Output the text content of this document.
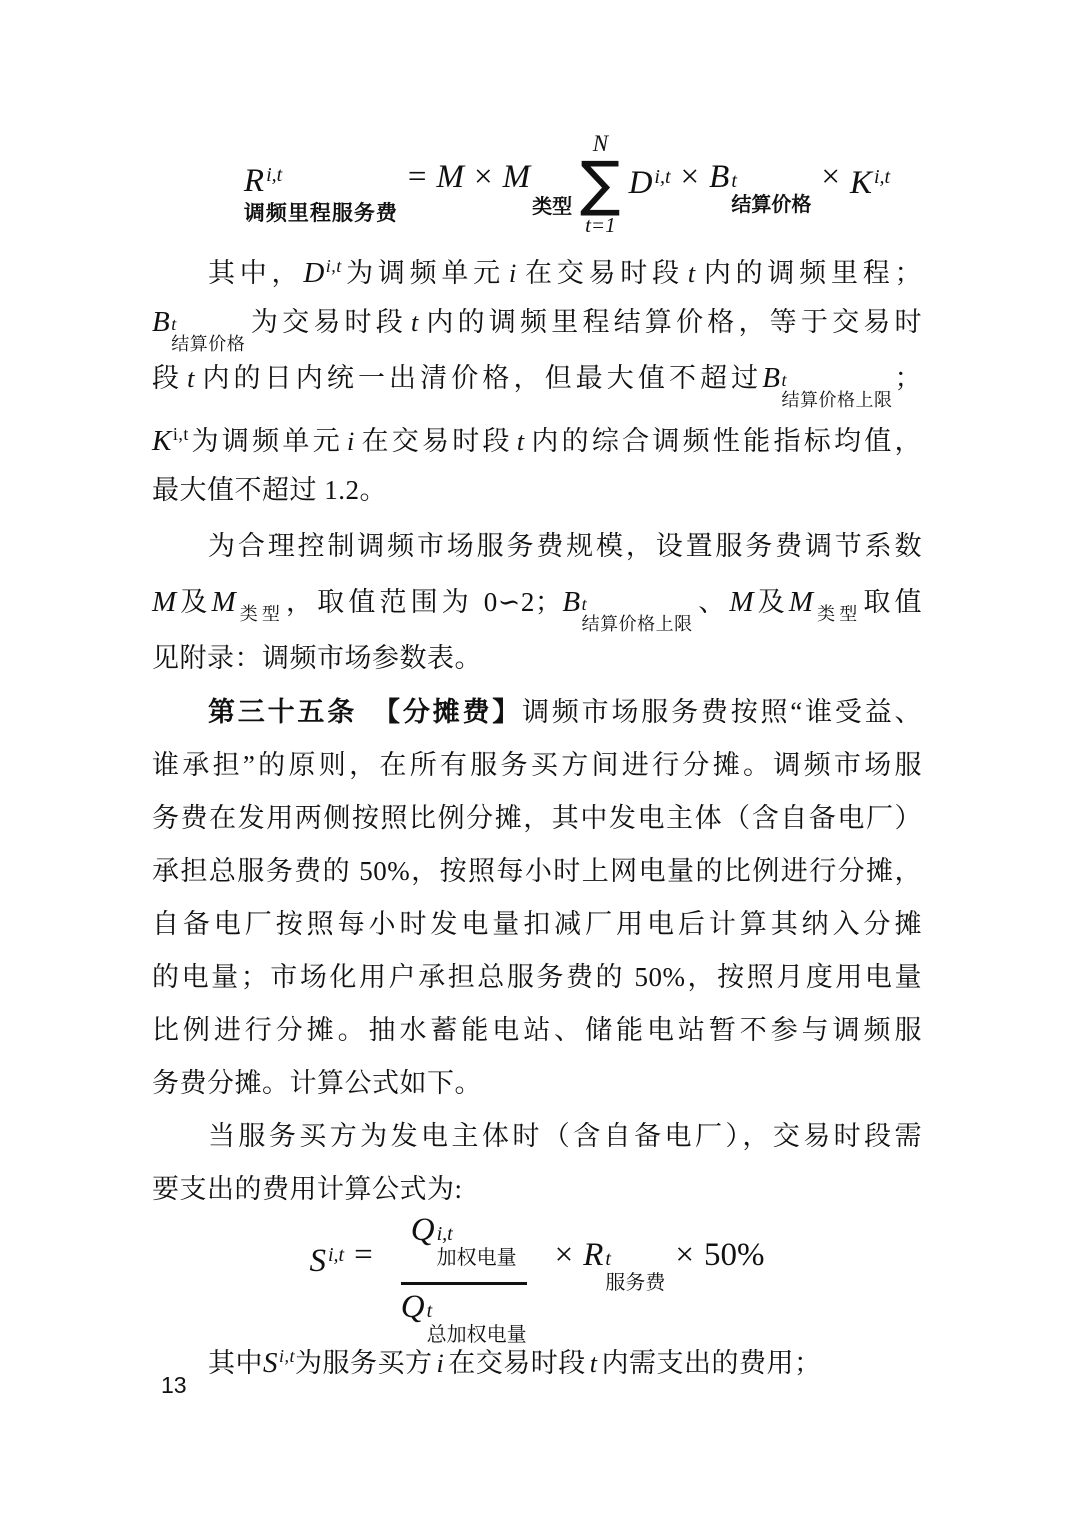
R $^{i,t}$
调频里程服务费
= M × M
类型
N
∑
t=1
D $^{i,t}$ × B t
结算价格
× K $^{i,t}$
其中，D$^{i,t}$为调频单元 i 在交易时段 t 内的调频里程；
B t
结算价格
为交易时段 t 内的调频里程结算价格，等于交易时
段 t 内的日内统一出清价格，但最大值不超过B t
结算价格上限
；
K$^{i,t}$为调频单元 i 在交易时段 t 内的综合调频性能指标均值，
最大值不超过 1.2。
为合理控制调频市场服务费规模，设置服务费调节系数
M及$M_{类型}$，取值范围为 0∽2；B t
结算价格上限
、M及$M_{类型}$取值
见附录：调频市场参数表。
第三十五条 【分摊费】调频市场服务费按照“谁受益、
谁承担”的原则，在所有服务买方间进行分摊。调频市场服
务费在发用两侧按照比例分摊，其中发电主体（含自备电厂）
承担总服务费的 50%，按照每小时上网电量的比例进行分摊，
自备电厂按照每小时发电量扣减厂用电后计算其纳入分摊
的电量；市场化用户承担总服务费的 50%，按照月度用电量
比例进行分摊。抽水蓄能电站、储能电站暂不参与调频服
务费分摊。计算公式如下。
当服务买方为发电主体时（含自备电厂），交易时段需
要支出的费用计算公式为:
S $^{i,t}$ = Q i,t
加权电量
Q t
总加权电量 × R t
服务费
× 50%
其中S$^{i,t}$为服务买方 i 在交易时段 t 内需支出的费用；
13
